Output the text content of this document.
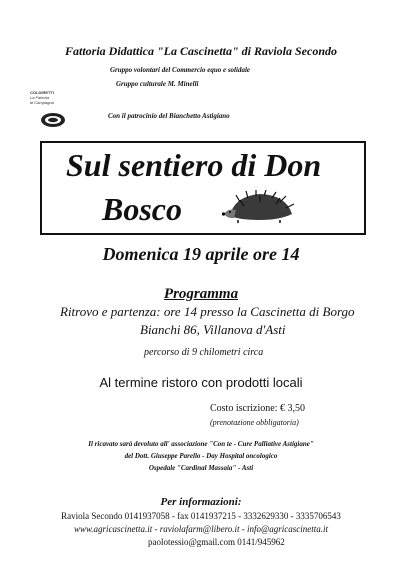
Fattoria Didattica "La Cascinetta" di Raviola Secondo
Gruppo volontari del Commercio equo e solidale
Gruppo culturale M. Minelli
COLDIRETTI
La Fattoria
di Campagna
Con il patrocinio del Bianchetto Astigiano
Sul sentiero di Don
Bosco
Domenica 19 aprile ore 14
Programma
Ritrovo e partenza: ore 14 presso la Cascinetta di Borgo
Bianchi 86, Villanova d'Asti
percorso di 9 chilometri circa
Al termine ristoro con prodotti locali
Costo iscrizione: € 3,50
(prenotazione obbligatoria)
Il ricavato sarà devoluto all' associazione "Con te - Cure Palliative Astigiane"
del Dott. Giuseppe Parello - Day Hospital oncologico
Ospedale "Cardinal Massaia" - Asti
Per informazioni:
Raviola Secondo 0141937058 - fax 0141937215 - 3332629330 - 3335706543
www.agricascinetta.it - raviolafarm@libero.it - info@agricascinetta.it
paolotessio@gmail.com 0141/945962
